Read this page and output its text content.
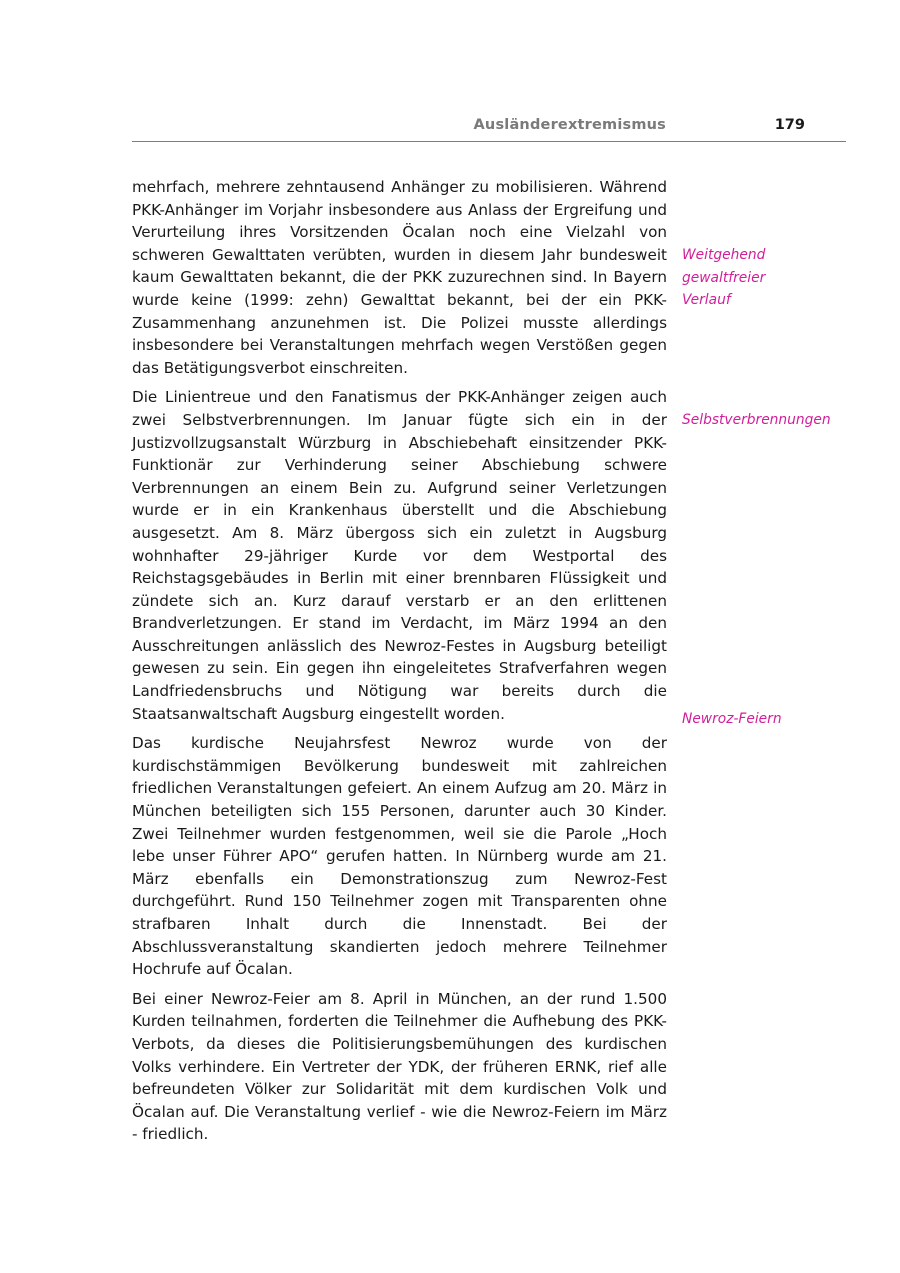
Ausländerextremismus	179

mehrfach, mehrere zehntausend Anhänger zu mobilisieren. Während PKK-Anhänger im Vorjahr insbesondere aus Anlass der Ergreifung und Verurteilung ihres Vorsitzenden Öcalan noch eine Vielzahl von schweren Gewalttaten verübten, wurden in diesem Jahr bundesweit kaum Gewalttaten bekannt, die der PKK zuzurechnen sind. In Bayern wurde keine (1999: zehn) Gewalttat bekannt, bei der ein PKK-Zusammenhang anzunehmen ist. Die Polizei musste allerdings insbesondere bei Veranstaltungen mehrfach wegen Verstößen gegen das Betätigungsverbot einschreiten.

Die Linientreue und den Fanatismus der PKK-Anhänger zeigen auch zwei Selbstverbrennungen. Im Januar fügte sich ein in der Justizvollzugsanstalt Würzburg in Abschiebehaft einsitzender PKK-Funktionär zur Verhinderung seiner Abschiebung schwere Verbrennungen an einem Bein zu. Aufgrund seiner Verletzungen wurde er in ein Krankenhaus überstellt und die Abschiebung ausgesetzt. Am 8. März übergoss sich ein zuletzt in Augsburg wohnhafter 29-jähriger Kurde vor dem Westportal des Reichstagsgebäudes in Berlin mit einer brennbaren Flüssigkeit und zündete sich an. Kurz darauf verstarb er an den erlittenen Brandverletzungen. Er stand im Verdacht, im März 1994 an den Ausschreitungen anlässlich des Newroz-Festes in Augsburg beteiligt gewesen zu sein. Ein gegen ihn eingeleitetes Strafverfahren wegen Landfriedensbruchs und Nötigung war bereits durch die Staatsanwaltschaft Augsburg eingestellt worden.

Das kurdische Neujahrsfest Newroz wurde von der kurdischstämmigen Bevölkerung bundesweit mit zahlreichen friedlichen Veranstaltungen gefeiert. An einem Aufzug am 20. März in München beteiligten sich 155 Personen, darunter auch 30 Kinder. Zwei Teilnehmer wurden festgenommen, weil sie die Parole „Hoch lebe unser Führer APO“ gerufen hatten. In Nürnberg wurde am 21. März ebenfalls ein Demonstrationszug zum Newroz-Fest durchgeführt. Rund 150 Teilnehmer zogen mit Transparenten ohne strafbaren Inhalt durch die Innenstadt. Bei der Abschlussveranstaltung skandierten jedoch mehrere Teilnehmer Hochrufe auf Öcalan.

Bei einer Newroz-Feier am 8. April in München, an der rund 1.500 Kurden teilnahmen, forderten die Teilnehmer die Aufhebung des PKK-Verbots, da dieses die Politisierungsbemühungen des kurdischen Volks verhindere. Ein Vertreter der YDK, der früheren ERNK, rief alle befreundeten Völker zur Solidarität mit dem kurdischen Volk und Öcalan auf. Die Veranstaltung verlief - wie die Newroz-Feiern im März - friedlich.

Weitgehend gewaltfreier Verlauf
Selbstverbrennungen
Newroz-Feiern
